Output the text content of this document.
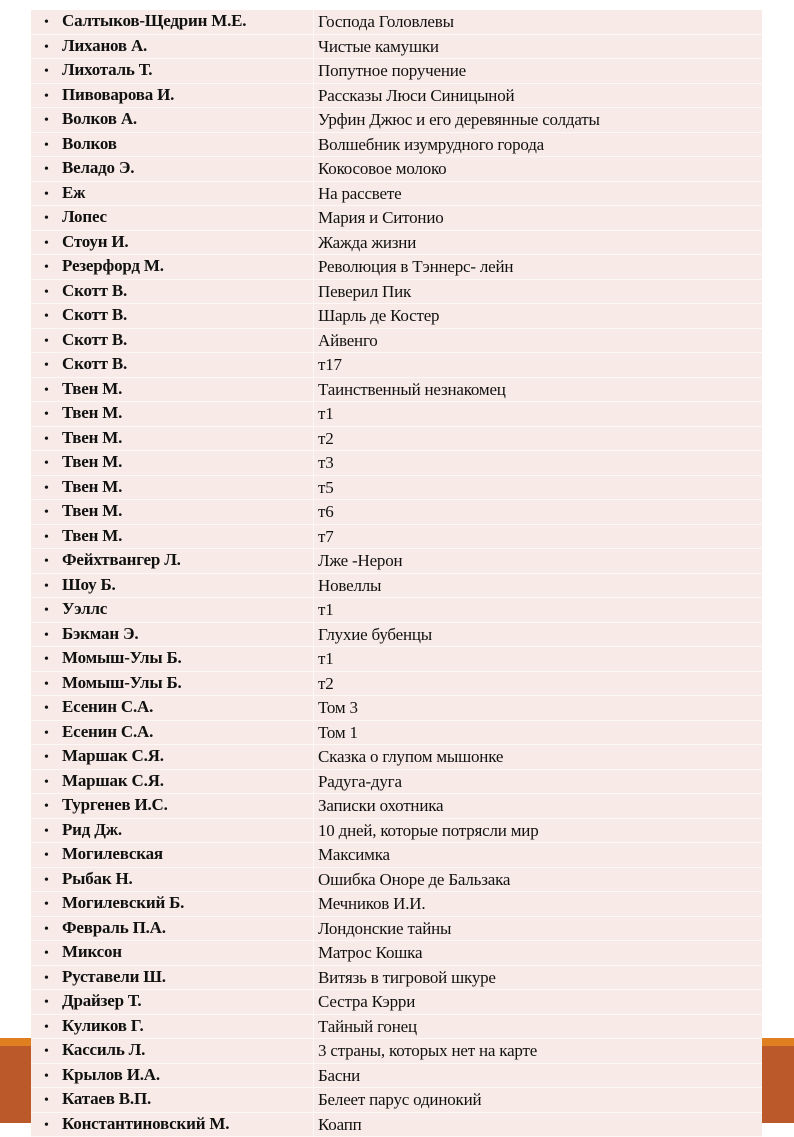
• Салтыков-Щедрин М.Е.	Господа Головлевы
• Лиханов А.	Чистые камушки
• Лихоталь Т.	Попутное поручение
• Пивоварова И.	Рассказы Люси Синицыной
• Волков А.	Урфин Джюс и его деревянные солдаты
• Волков	Волшебник изумрудного города
• Веладо Э.	Кокосовое молоко
• Еж	На рассвете
• Лопес	Мария и Ситонио
• Стоун И.	Жажда жизни
• Резерфорд М.	Революция в Тэннерс- лейн
• Скотт В.	Певерил Пик
• Скотт В.	Шарль де Костер
• Скотт В.	Айвенго
• Скотт В.	т17
• Твен М.	Таинственный незнакомец
• Твен М.	т1
• Твен М.	т2
• Твен М.	т3
• Твен М.	т5
• Твен М.	т6
• Твен М.	т7
• Фейхтвангер Л.	Лже -Нерон
• Шоу Б.	Новеллы
• Уэллс	т1
• Бэкман Э.	Глухие бубенцы
• Момыш-Улы Б.	т1
• Момыш-Улы Б.	т2
• Есенин С.А.	Том 3
• Есенин С.А.	Том 1
• Маршак С.Я.	Сказка о глупом мышонке
• Маршак С.Я.	Радуга-дуга
• Тургенев И.С.	Записки охотника
• Рид Дж.	10 дней, которые потрясли мир
• Могилевская	Максимка
• Рыбак Н.	Ошибка Оноре де Бальзака
• Могилевский Б.	Мечников И.И.
• Февраль П.А.	Лондонские тайны
• Миксон	Матрос Кошка
• Руставели Ш.	Витязь в тигровой шкуре
• Драйзер Т.	Сестра Кэрри
• Куликов Г.	Тайный гонец
• Кассиль Л.	3 страны, которых нет на карте
• Крылов И.А.	Басни
• Катаев В.П.	Белеет парус одинокий
• Константиновский М.	Коапп
